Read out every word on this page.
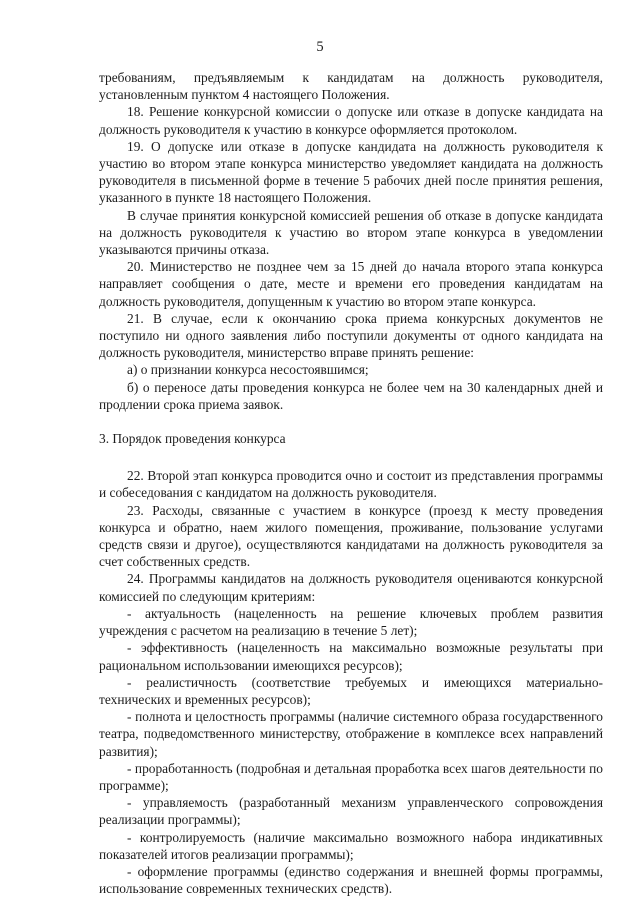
5

требованиям, предъявляемым к кандидатам на должность руководителя, установленным пунктом 4 настоящего Положения.

18. Решение конкурсной комиссии о допуске или отказе в допуске кандидата на должность руководителя к участию в конкурсе оформляется протоколом.

19. О допуске или отказе в допуске кандидата на должность руководителя к участию во втором этапе конкурса министерство уведомляет кандидата на должность руководителя в письменной форме в течение 5 рабочих дней после принятия решения, указанного в пункте 18 настоящего Положения.

В случае принятия конкурсной комиссией решения об отказе в допуске кандидата на должность руководителя к участию во втором этапе конкурса в уведомлении указываются причины отказа.

20. Министерство не позднее чем за 15 дней до начала второго этапа конкурса направляет сообщения о дате, месте и времени его проведения кандидатам на должность руководителя, допущенным к участию во втором этапе конкурса.

21. В случае, если к окончанию срока приема конкурсных документов не поступило ни одного заявления либо поступили документы от одного кандидата на должность руководителя, министерство вправе принять решение:

а) о признании конкурса несостоявшимся;

б) о переносе даты проведения конкурса не более чем на 30 календарных дней и продлении срока приема заявок.

3. Порядок проведения конкурса

22. Второй этап конкурса проводится очно и состоит из представления программы и собеседования с кандидатом на должность руководителя.

23. Расходы, связанные с участием в конкурсе (проезд к месту проведения конкурса и обратно, наем жилого помещения, проживание, пользование услугами средств связи и другое), осуществляются кандидатами на должность руководителя за счет собственных средств.

24. Программы кандидатов на должность руководителя оцениваются конкурсной комиссией по следующим критериям:

- актуальность (нацеленность на решение ключевых проблем развития учреждения с расчетом на реализацию в течение 5 лет);

- эффективность (нацеленность на максимально возможные результаты при рациональном использовании имеющихся ресурсов);

- реалистичность (соответствие требуемых и имеющихся материально-технических и временных ресурсов);

- полнота и целостность программы (наличие системного образа государственного театра, подведомственного министерству, отображение в комплексе всех направлений развития);

- проработанность (подробная и детальная проработка всех шагов деятельности по программе);

- управляемость (разработанный механизм управленческого сопровождения реализации программы);

- контролируемость (наличие максимально возможного набора индикативных показателей итогов реализации программы);

- оформление программы (единство содержания и внешней формы программы, использование современных технических средств).
